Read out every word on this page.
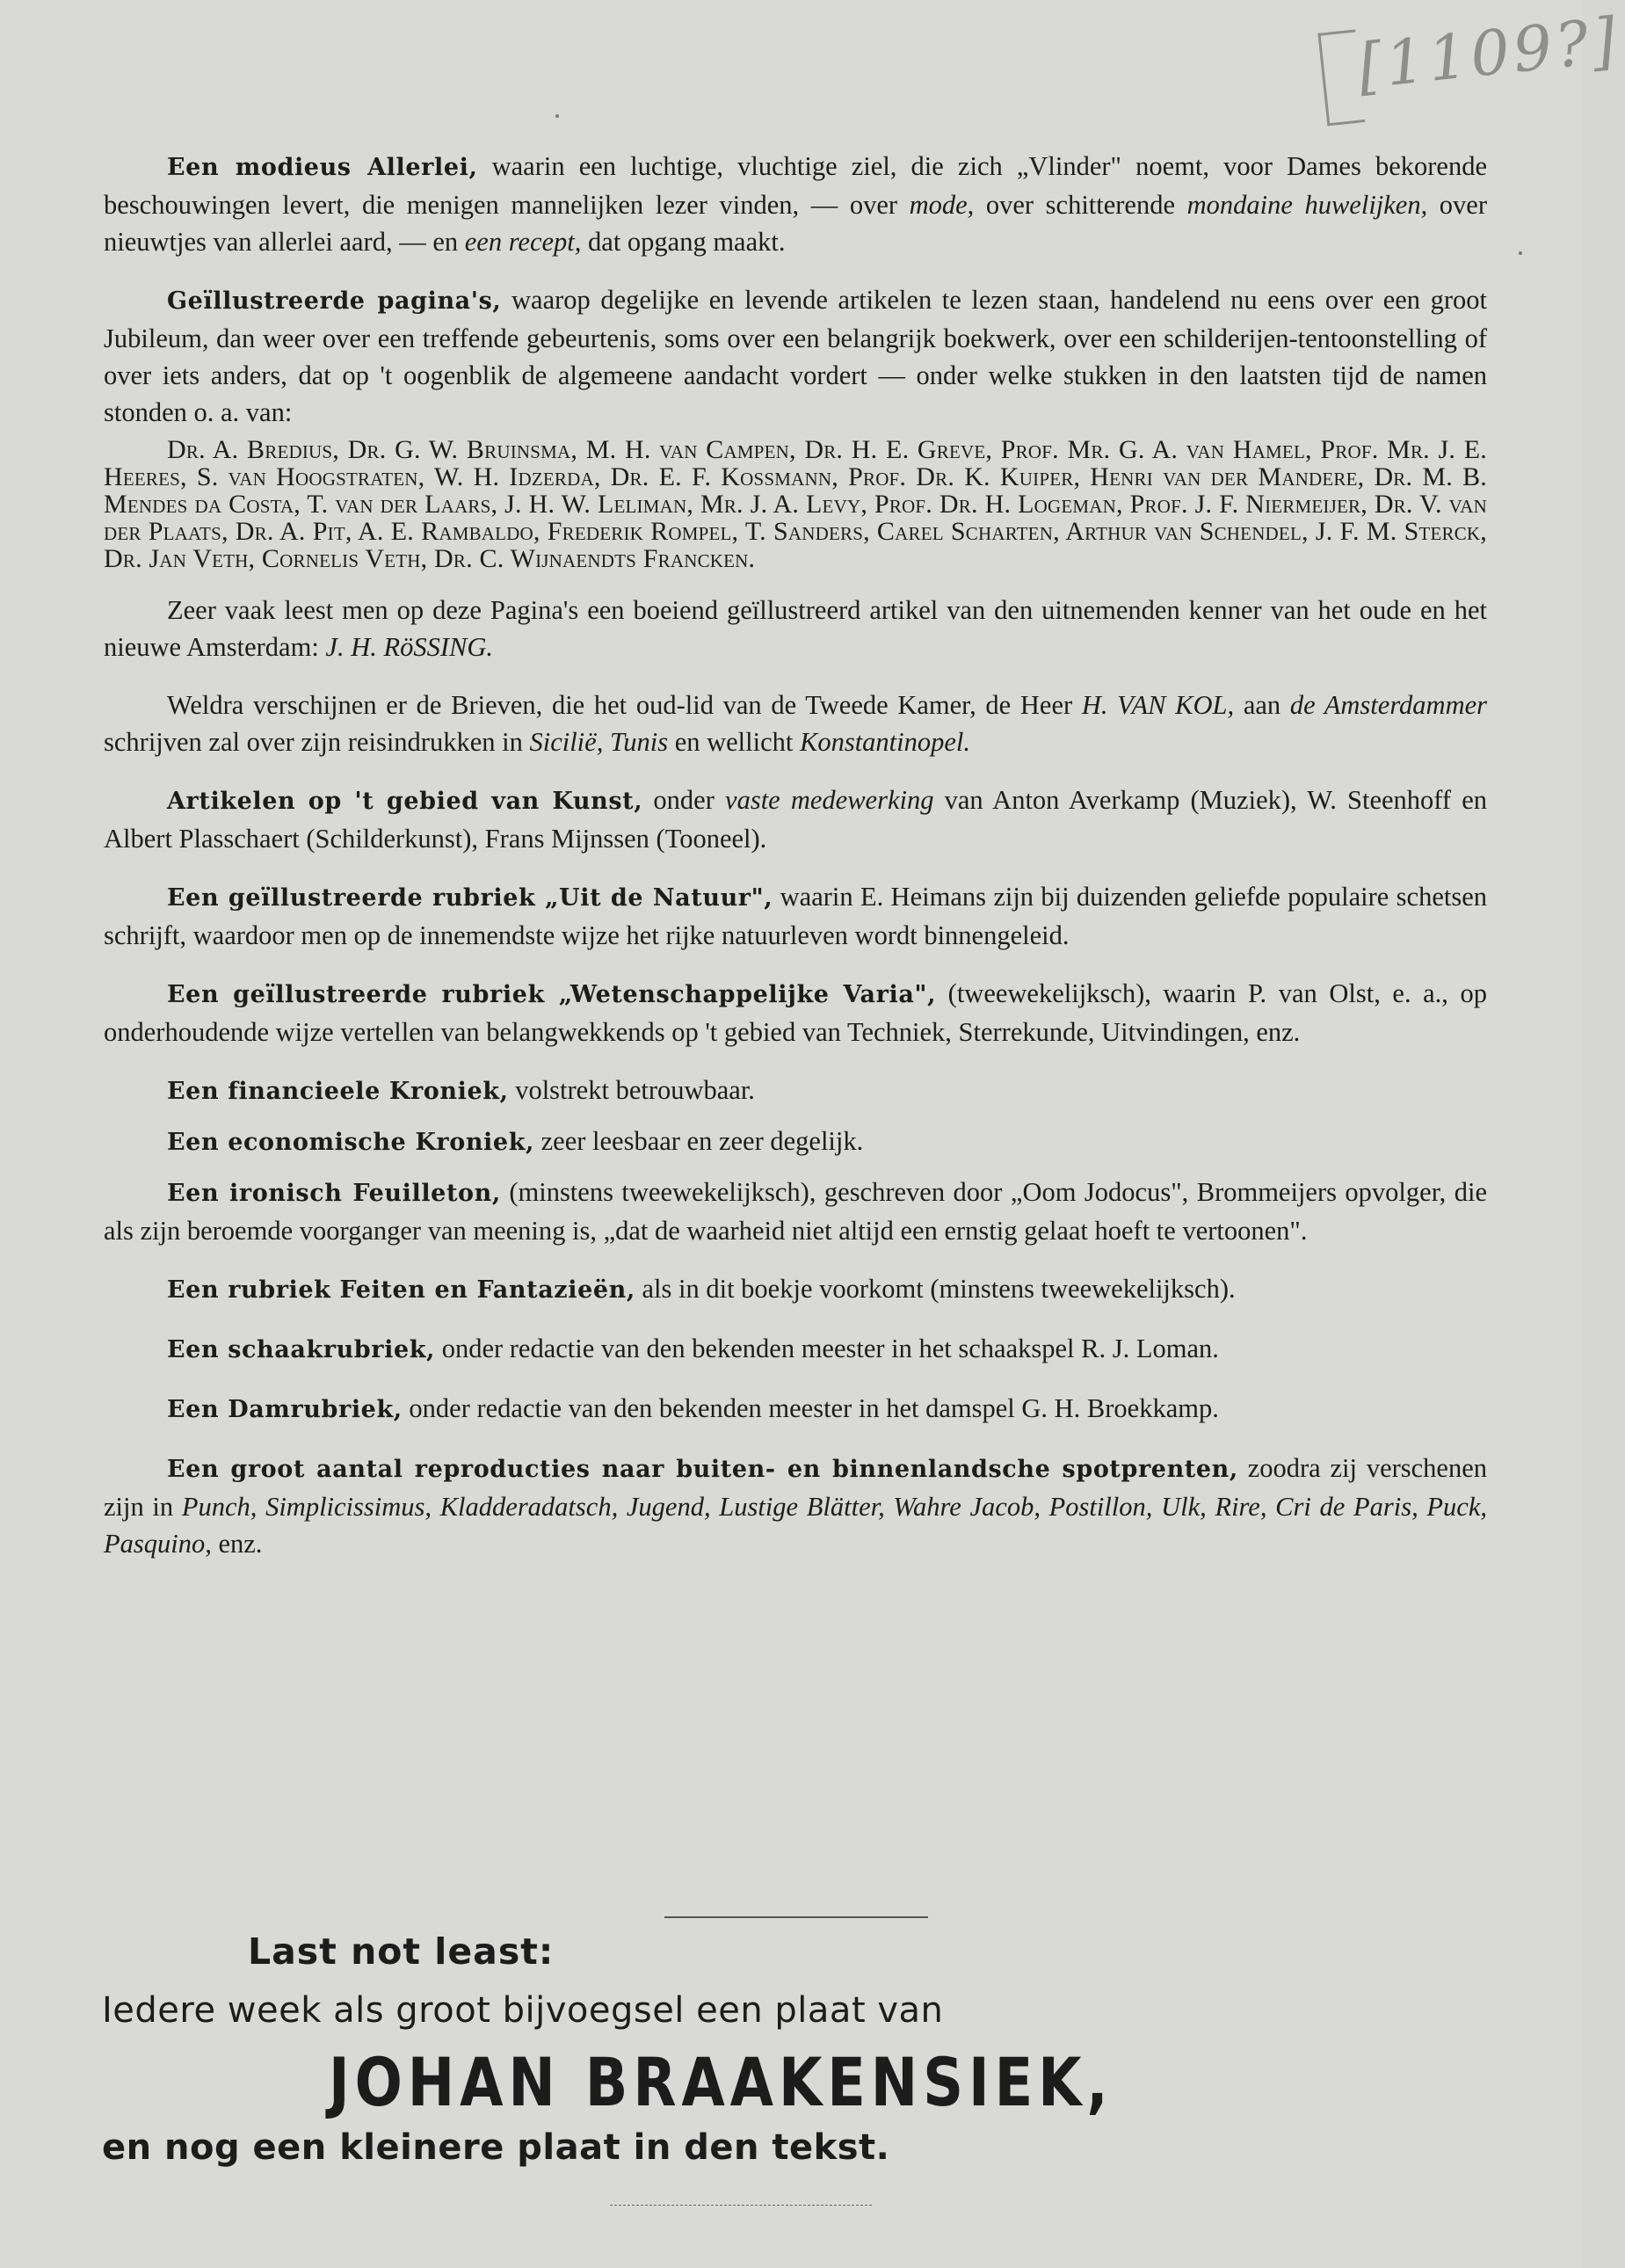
[1109?]

Een modieus Allerlei, waarin een luchtige, vluchtige ziel, die zich „Vlinder" noemt, voor Dames bekorende beschouwingen levert, die menigen mannelijken lezer vinden, — over mode, over schitterende mondaine huwelijken, over nieuwtjes van allerlei aard, — en een recept, dat opgang maakt.

Geïllustreerde pagina's, waarop degelijke en levende artikelen te lezen staan, handelend nu eens over een groot Jubileum, dan weer over een treffende gebeurtenis, soms over een belangrijk boekwerk, over een schilderijen-tentoonstelling of over iets anders, dat op 't oogenblik de algemeene aandacht vordert — onder welke stukken in den laatsten tijd de namen stonden o. a. van:

Dr. A. Bredius, Dr. G. W. Bruinsma, M. H. van Campen, Dr. H. E. Greve, Prof. Mr. G. A. van Hamel, Prof. Mr. J. E. Heeres, S. van Hoogstraten, W. H. Idzerda, Dr. E. F. Kossmann, Prof. Dr. K. Kuiper, Henri van der Mandere, Dr. M. B. Mendes da Costa, T. van der Laars, J. H. W. Leliman, Mr. J. A. Levy, Prof. Dr. H. Logeman, Prof. J. F. Niermeijer, Dr. V. van der Plaats, Dr. A. Pit, A. E. Rambaldo, Frederik Rompel, T. Sanders, Carel Scharten, Arthur van Schendel, J. F. M. Sterck, Dr. Jan Veth, Cornelis Veth, Dr. C. Wijnaendts Francken.

Zeer vaak leest men op deze Pagina's een boeiend geïllustreerd artikel van den uitnemenden kenner van het oude en het nieuwe Amsterdam: J. H. RöSSING.

Weldra verschijnen er de Brieven, die het oud-lid van de Tweede Kamer, de Heer H. VAN KOL, aan de Amsterdammer schrijven zal over zijn reisindrukken in Sicilië, Tunis en wellicht Konstantinopel.

Artikelen op 't gebied van Kunst, onder vaste medewerking van Anton Averkamp (Muziek), W. Steenhoff en Albert Plasschaert (Schilderkunst), Frans Mijnssen (Tooneel).

Een geïllustreerde rubriek „Uit de Natuur", waarin E. Heimans zijn bij duizenden geliefde populaire schetsen schrijft, waardoor men op de innemendste wijze het rijke natuurleven wordt binnengeleid.

Een geïllustreerde rubriek „Wetenschappelijke Varia", (tweewekelijksch), waarin P. van Olst, e. a., op onderhoudende wijze vertellen van belangwekkends op 't gebied van Techniek, Sterrekunde, Uitvindingen, enz.

Een financieele Kroniek, volstrekt betrouwbaar.

Een economische Kroniek, zeer leesbaar en zeer degelijk.

Een ironisch Feuilleton, (minstens tweewekelijksch), geschreven door „Oom Jodocus", Brommeijers opvolger, die als zijn beroemde voorganger van meening is, „dat de waarheid niet altijd een ernstig gelaat hoeft te vertoonen".

Een rubriek Feiten en Fantazieën, als in dit boekje voorkomt (minstens tweewekelijksch).

Een schaakrubriek, onder redactie van den bekenden meester in het schaakspel R. J. Loman.

Een Damrubriek, onder redactie van den bekenden meester in het damspel G. H. Broekkamp.

Een groot aantal reproducties naar buiten- en binnenlandsche spotprenten, zoodra zij verschenen zijn in Punch, Simplicissimus, Kladderadatsch, Jugend, Lustige Blätter, Wahre Jacob, Postillon, Ulk, Rire, Cri de Paris, Puck, Pasquino, enz.

Last not least:
Iedere week als groot bijvoegsel een plaat van
JOHAN BRAAKENSIEK,
en nog een kleinere plaat in den tekst.
